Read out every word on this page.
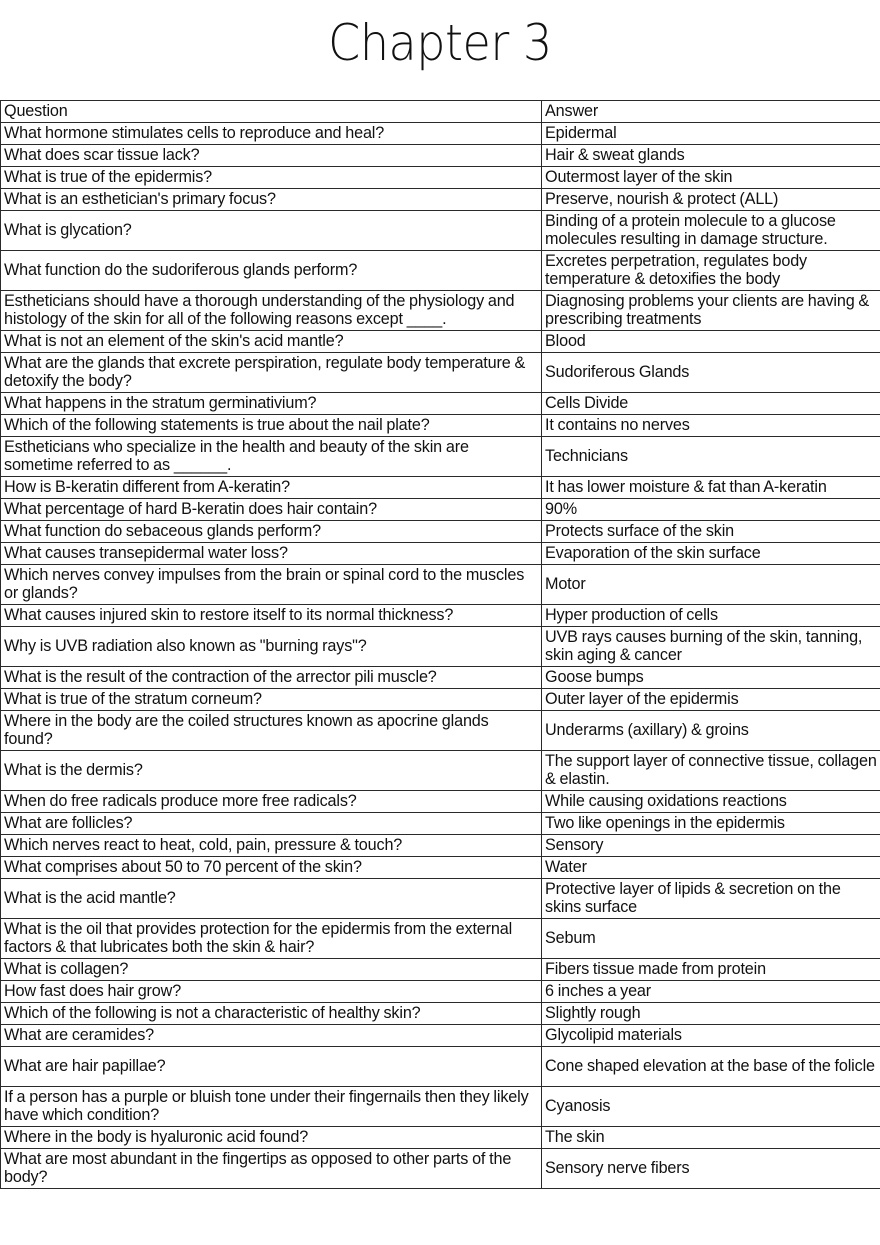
Chapter 3
Question	Answer
What hormone stimulates cells to reproduce and heal?	Epidermal
What does scar tissue lack?	Hair & sweat glands
What is true of the epidermis?	Outermost layer of the skin
What is an esthetician's primary focus?	Preserve, nourish & protect (ALL)
What is glycation?	Binding of a protein molecule to a glucose molecules resulting in damage structure.
What function do the sudoriferous glands perform?	Excretes perpetration, regulates body temperature & detoxifies the body
Estheticians should have a thorough understanding of the physiology and histology of the skin for all of the following reasons except ____.	Diagnosing problems your clients are having & prescribing treatments
What is not an element of the skin's acid mantle?	Blood
What are the glands that excrete perspiration, regulate body temperature & detoxify the body?	Sudoriferous Glands
What happens in the stratum germinativium?	Cells Divide
Which of the following statements is true about the nail plate?	It contains no nerves
Estheticians who specialize in the health and beauty of the skin are sometime referred to as ______.	Technicians
How is B-keratin different from A-keratin?	It has lower moisture & fat than A-keratin
What percentage of hard B-keratin does hair contain?	90%
What function do sebaceous glands perform?	Protects surface of the skin
What causes transepidermal water loss?	Evaporation of the skin surface
Which nerves convey impulses from the brain or spinal cord to the muscles or glands?	Motor
What causes injured skin to restore itself to its normal thickness?	Hyper production of cells
Why is UVB radiation also known as "burning rays"?	UVB rays causes burning of the skin, tanning, skin aging & cancer
What is the result of the contraction of the arrector pili muscle?	Goose bumps
What is true of the stratum corneum?	Outer layer of the epidermis
Where in the body are the coiled structures known as apocrine glands found?	Underarms (axillary) & groins
What is the dermis?	The support layer of connective tissue, collagen & elastin.
When do free radicals produce more free radicals?	While causing oxidations reactions
What are follicles?	Two like openings in the epidermis
Which nerves react to heat, cold, pain, pressure & touch?	Sensory
What comprises about 50 to 70 percent of the skin?	Water
What is the acid mantle?	Protective layer of lipids & secretion on the skins surface
What is the oil that provides protection for the epidermis from the external factors & that lubricates both the skin & hair?	Sebum
What is collagen?	Fibers tissue made from protein
How fast does hair grow?	6 inches a year
Which of the following is not a characteristic of healthy skin?	Slightly rough
What are ceramides?	Glycolipid materials
What are hair papillae?	Cone shaped elevation at the base of the folicle
If a person has a purple or bluish tone under their fingernails then they likely have which condition?	Cyanosis
Where in the body is hyaluronic acid found?	The skin
What are most abundant in the fingertips as opposed to other parts of the body?	Sensory nerve fibers
